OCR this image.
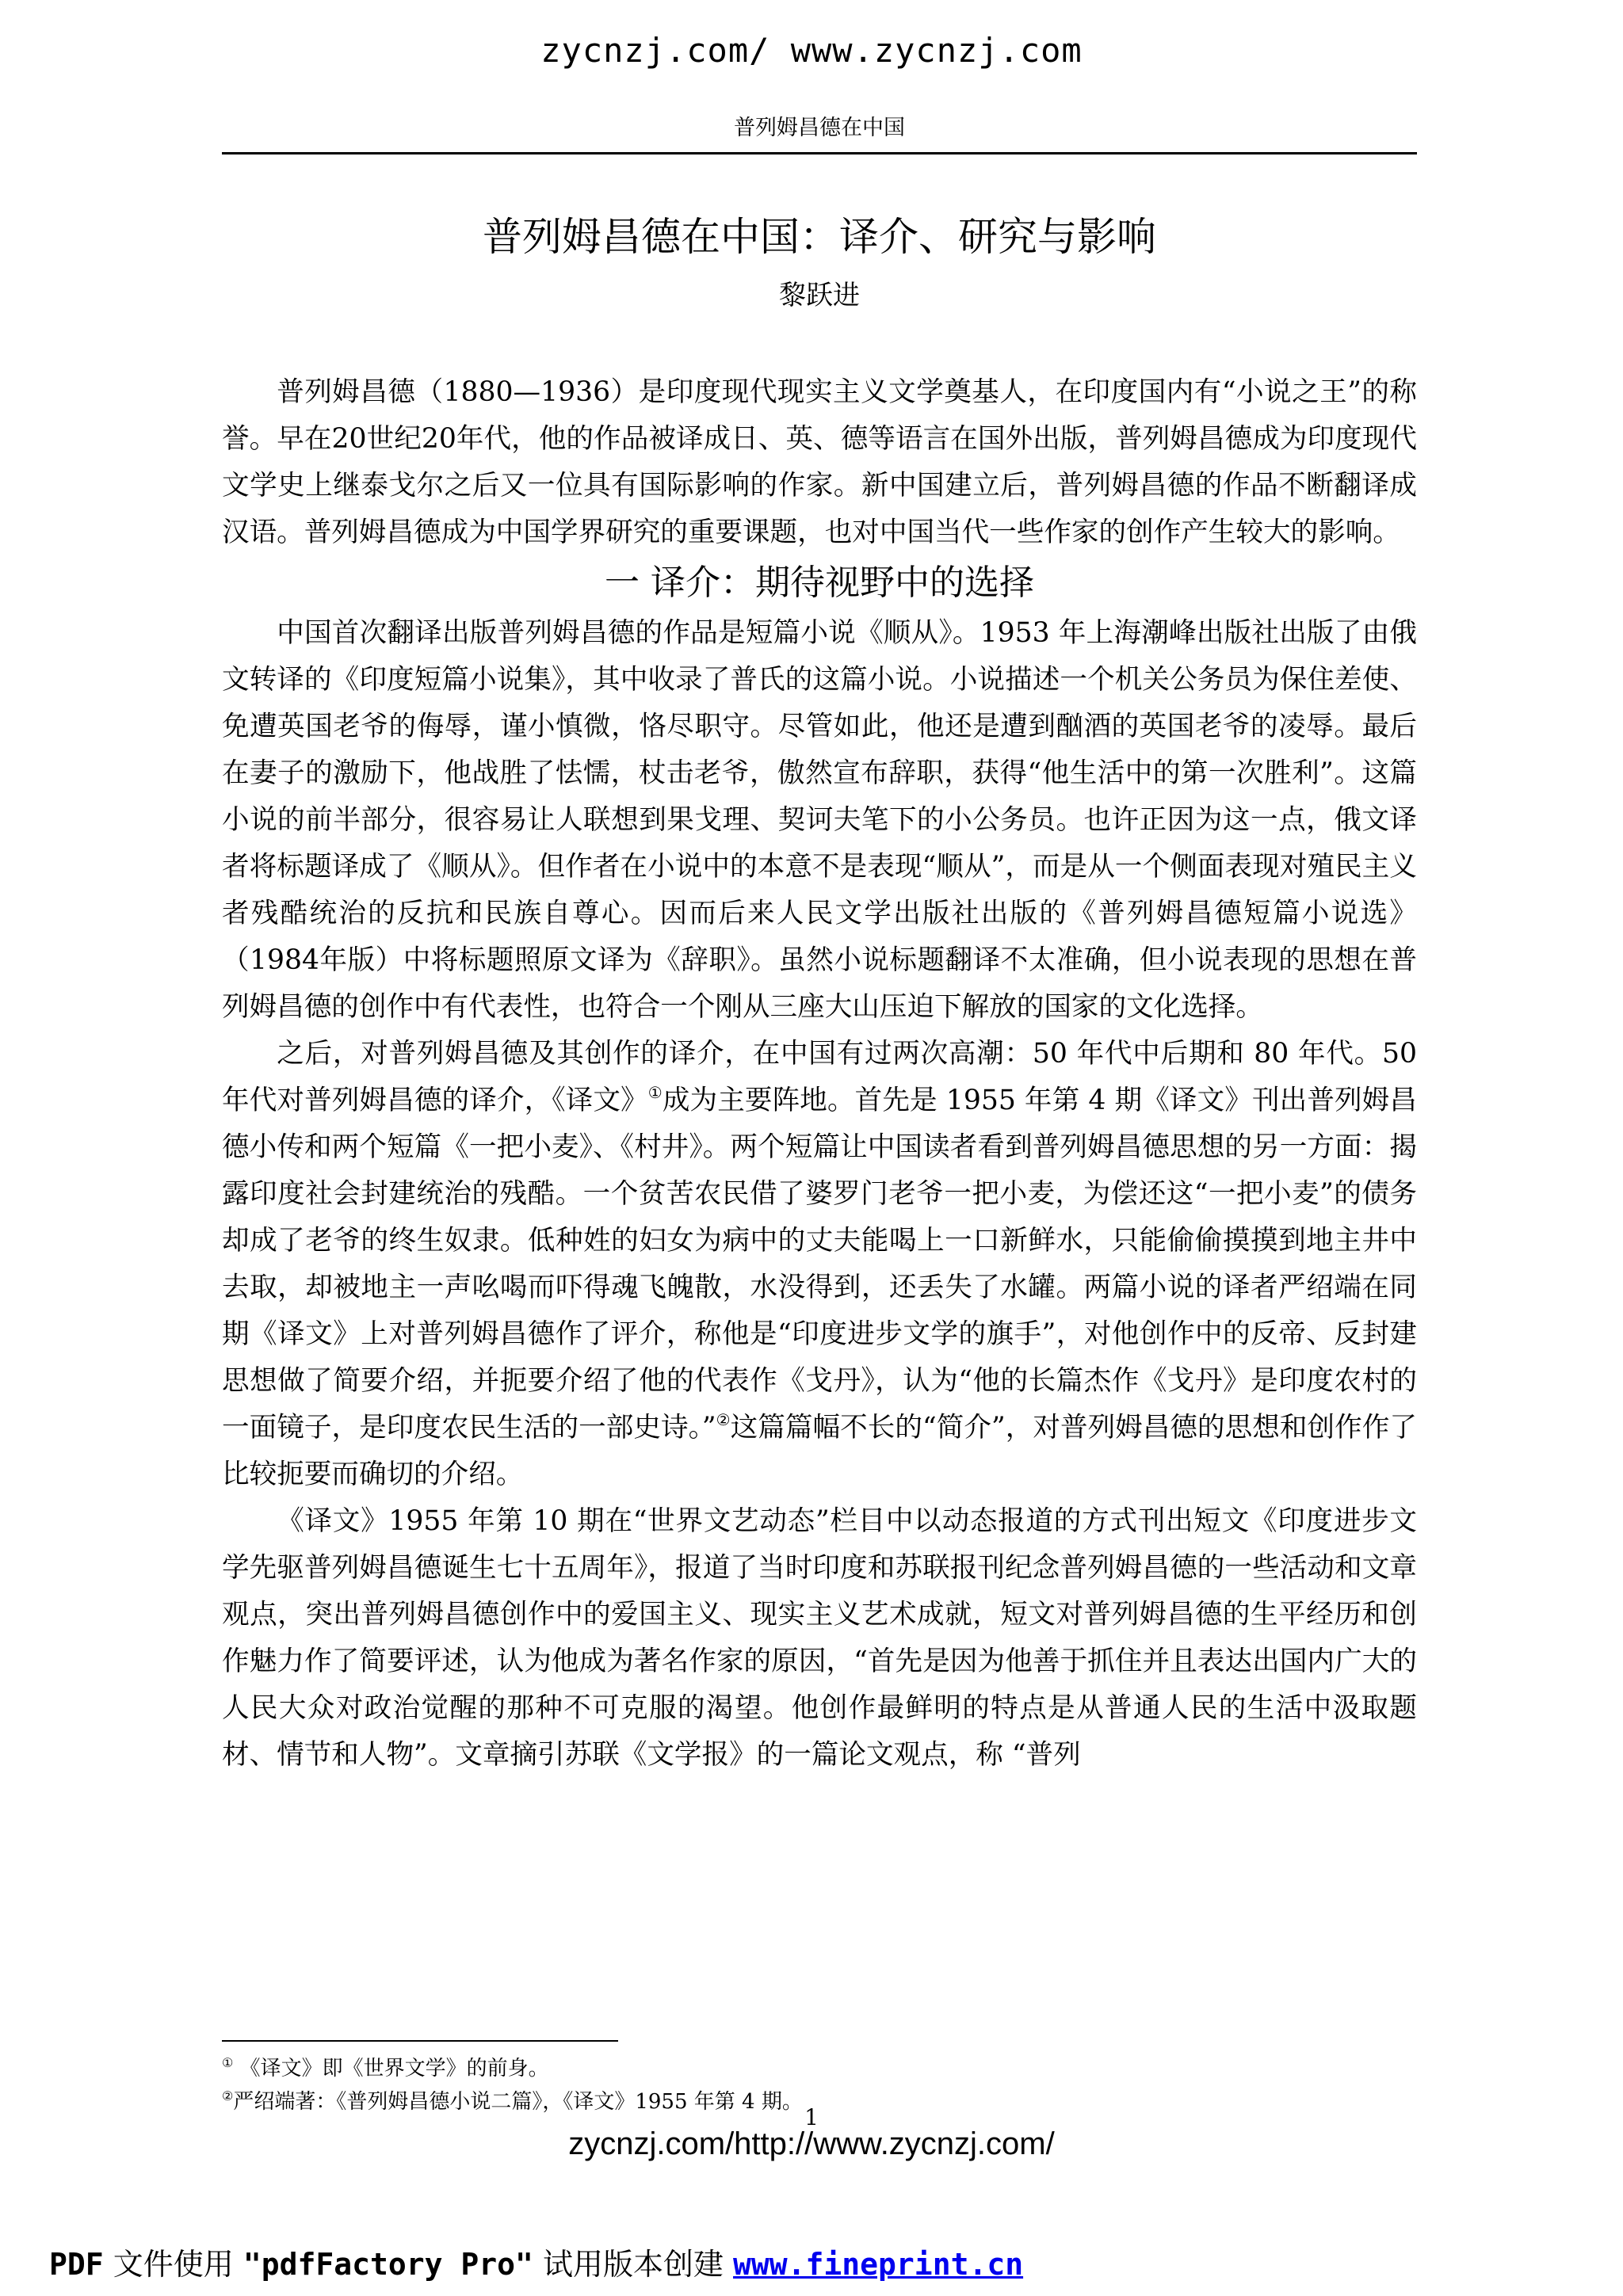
zycnzj.com/ www.zycnzj.com
普列姆昌德在中国
普列姆昌德在中国：译介、研究与影响
黎跃进

普列姆昌德（1880—1936）是印度现代现实主义文学奠基人，在印度国内有“小说之王”的称誉。早在20世纪20年代，他的作品被译成日、英、德等语言在国外出版，普列姆昌德成为印度现代文学史上继泰戈尔之后又一位具有国际影响的作家。新中国建立后，普列姆昌德的作品不断翻译成汉语。普列姆昌德成为中国学界研究的重要课题，也对中国当代一些作家的创作产生较大的影响。

一 译介：期待视野中的选择

中国首次翻译出版普列姆昌德的作品是短篇小说《顺从》。1953 年上海潮峰出版社出版了由俄文转译的《印度短篇小说集》，其中收录了普氏的这篇小说。小说描述一个机关公务员为保住差使、免遭英国老爷的侮辱，谨小慎微，恪尽职守。尽管如此，他还是遭到酗酒的英国老爷的凌辱。最后在妻子的激励下，他战胜了怯懦，杖击老爷，傲然宣布辞职，获得“他生活中的第一次胜利”。这篇小说的前半部分，很容易让人联想到果戈理、契诃夫笔下的小公务员。也许正因为这一点，俄文译者将标题译成了《顺从》。但作者在小说中的本意不是表现“顺从”，而是从一个侧面表现对殖民主义者残酷统治的反抗和民族自尊心。因而后来人民文学出版社出版的《普列姆昌德短篇小说选》（1984年版）中将标题照原文译为《辞职》。虽然小说标题翻译不太准确，但小说表现的思想在普列姆昌德的创作中有代表性，也符合一个刚从三座大山压迫下解放的国家的文化选择。

之后，对普列姆昌德及其创作的译介，在中国有过两次高潮：50 年代中后期和 80 年代。50 年代对普列姆昌德的译介，《译文》①成为主要阵地。首先是 1955 年第 4 期《译文》刊出普列姆昌德小传和两个短篇《一把小麦》、《村井》。两个短篇让中国读者看到普列姆昌德思想的另一方面：揭露印度社会封建统治的残酷。一个贫苦农民借了婆罗门老爷一把小麦，为偿还这“一把小麦”的债务却成了老爷的终生奴隶。低种姓的妇女为病中的丈夫能喝上一口新鲜水，只能偷偷摸摸到地主井中去取，却被地主一声吆喝而吓得魂飞魄散，水没得到，还丢失了水罐。两篇小说的译者严绍端在同期《译文》上对普列姆昌德作了评介，称他是“印度进步文学的旗手”，对他创作中的反帝、反封建思想做了简要介绍，并扼要介绍了他的代表作《戈丹》，认为“他的长篇杰作《戈丹》是印度农村的一面镜子，是印度农民生活的一部史诗。”②这篇篇幅不长的“简介”，对普列姆昌德的思想和创作作了比较扼要而确切的介绍。

《译文》1955 年第 10 期在“世界文艺动态”栏目中以动态报道的方式刊出短文《印度进步文学先驱普列姆昌德诞生七十五周年》，报道了当时印度和苏联报刊纪念普列姆昌德的一些活动和文章观点，突出普列姆昌德创作中的爱国主义、现实主义艺术成就，短文对普列姆昌德的生平经历和创作魅力作了简要评述，认为他成为著名作家的原因，“首先是因为他善于抓住并且表达出国内广大的人民大众对政治觉醒的那种不可克服的渴望。他创作最鲜明的特点是从普通人民的生活中汲取题材、情节和人物”。文章摘引苏联《文学报》的一篇论文观点，称 “普列

① 《译文》即《世界文学》的前身。

②严绍端著：《普列姆昌德小说二篇》，《译文》1955 年第 4 期。

1
zycnzj.com/http://www.zycnzj.com/
PDF 文件使用 "pdfFactory Pro" 试用版本创建 www.fineprint.cn
